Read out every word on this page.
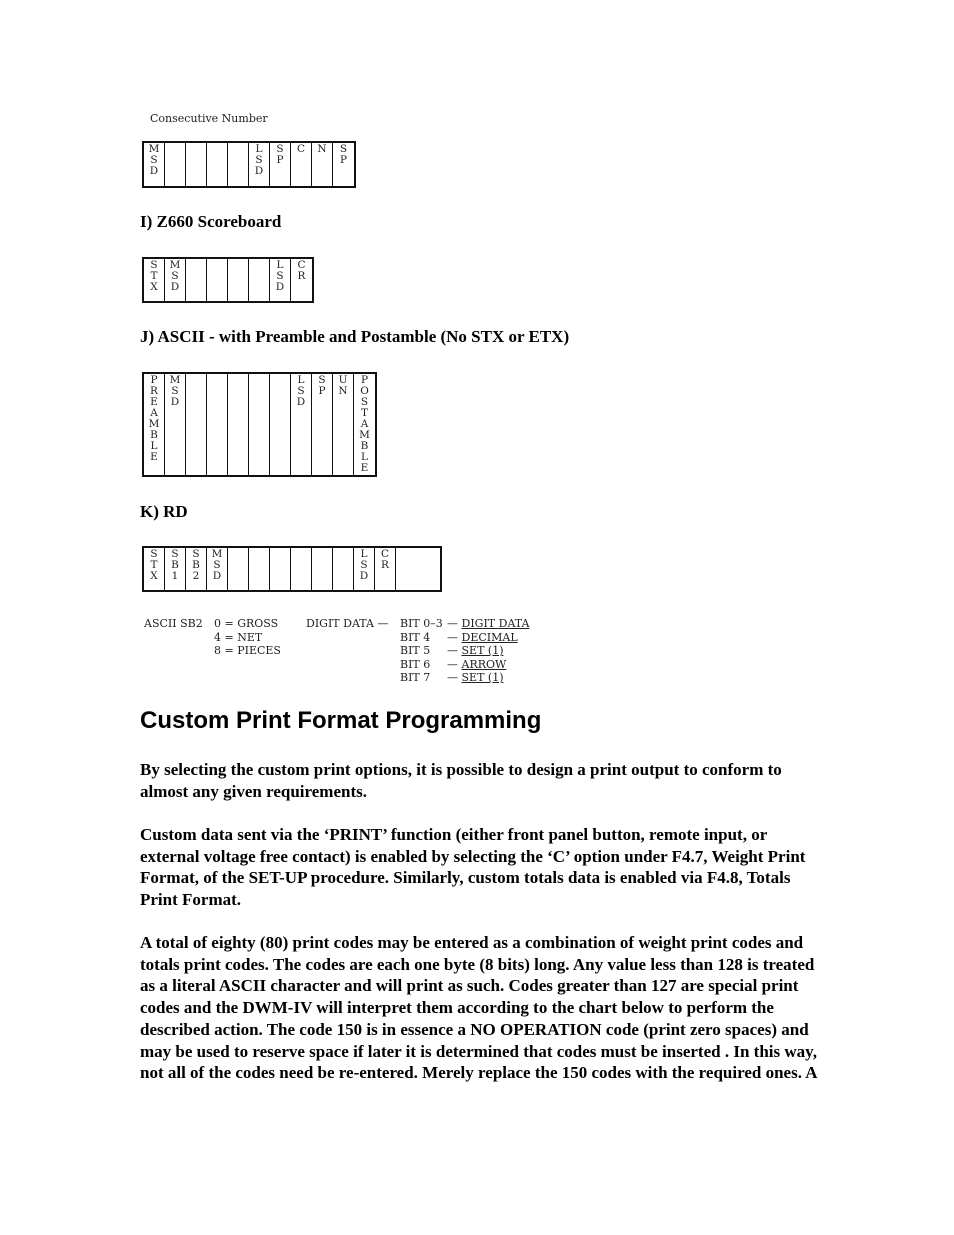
Consecutive Number
M
S
D
L
S
D
S
P
C N S
P
I) Z660 Scoreboard
S
T
X
M
S
D
L
S
D
C
R
J) ASCII - with Preamble and Postamble (No STX or ETX)
P
R
E
A
M
B
L
E
M
S
D
L
S
D
S
P
U
N
P
O
S
T
A
M
B
L
E
K) RD
S
T
X
S
B
1
S
B
2
M
S
D
L
S
D
C
R
ASCII SB2 0 = GROSS
4 = NET
8 = PIECES
DIGIT DATA — BIT 0–3 — DIGIT DATA
BIT 4 — DECIMAL
BIT 5 — SET (1)
BIT 6 — ARROW
BIT 7 — SET (1)
Custom Print Format Programming

By selecting the custom print options, it is possible to design a print output to conform to almost any given requirements.

Custom data sent via the ‘PRINT’ function (either front panel button, remote input, or external voltage free contact) is enabled by selecting the ‘C’ option under F4.7, Weight Print Format, of the SET-UP procedure. Similarly, custom totals data is enabled via F4.8, Totals Print Format.

A total of eighty (80) print codes may be entered as a combination of weight print codes and totals print codes. The codes are each one byte (8 bits) long. Any value less than 128 is treated as a literal ASCII character and will print as such. Codes greater than 127 are special print codes and the DWM-IV will interpret them according to the chart below to perform the described action. The code 150 is in essence a NO OPERATION code (print zero spaces) and may be used to reserve space if later it is determined that codes must be inserted . In this way, not all of the codes need be re-entered. Merely replace the 150 codes with the required ones. A
